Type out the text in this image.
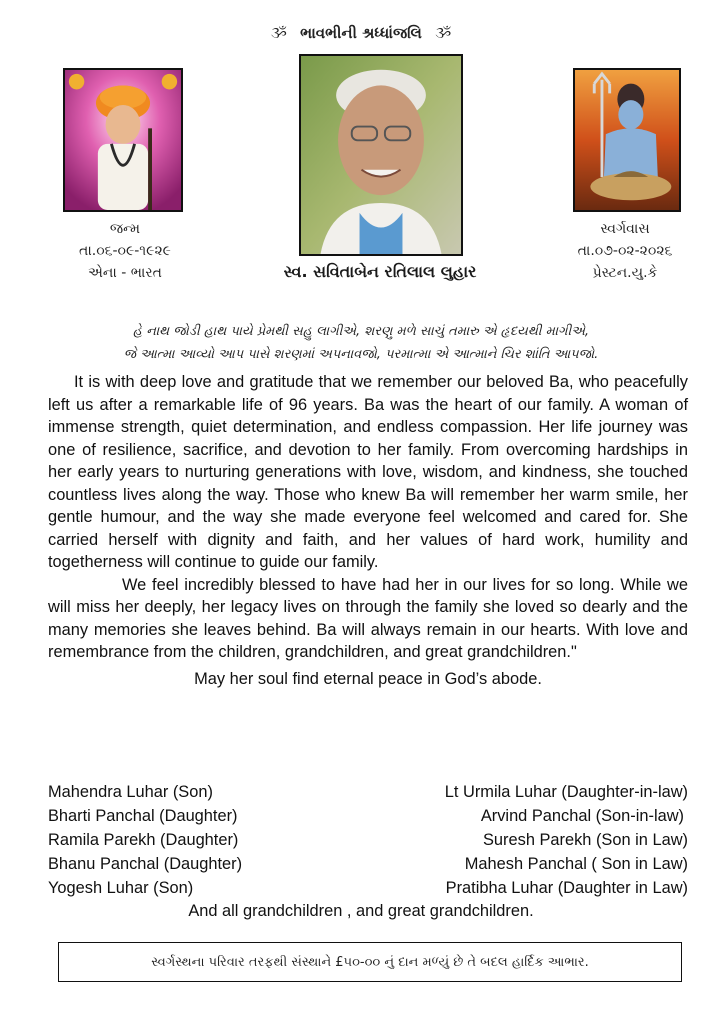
ૐ ભાવભીની શ્રધ્ધાંજલિ ૐ
જન્મ
તા.૦૬-૦૯-૧૯૨૯
એના - ભારત
સ્વર્ગવાસ
તા.૦૭-૦૨-૨૦૨૬
પ્રેસ્ટન.યુ.કે
સ્વ. સવિતાબેન રતિલાલ લુહાર
હે નાથ જોડી હાથ પાયે પ્રેમથી સહુ લાગીએ, શરણુ મળે સાચું તમારુ એ હૃદયથી માગીએ,
જે આત્મા આવ્યો આપ પાસે શરણમાં અપનાવજો, પરમાત્મા એ આત્માને ચિર શાંતિ આપજો.

It is with deep love and gratitude that we remember our beloved Ba, who peacefully left us after a remarkable life of 96 years. Ba was the heart of our family. A woman of immense strength, quiet determination, and endless compassion. Her life journey was one of resilience, sacrifice, and devotion to her family. From overcoming hardships in her early years to nurturing generations with love, wisdom, and kindness, she touched countless lives along the way. Those who knew Ba will remember her warm smile, her gentle humour, and the way she made everyone feel welcomed and cared for. She carried herself with dignity and faith, and her values of hard work, humility and togetherness will continue to guide our family.

We feel incredibly blessed to have had her in our lives for so long. While we will miss her deeply, her legacy lives on through the family she loved so dearly and the many memories she leaves behind. Ba will always remain in our hearts. With love and remembrance from the children, grandchildren, and great grandchildren."

May her soul find eternal peace in God’s abode.

Mahendra Luhar (Son)
Bharti Panchal (Daughter)
Ramila Parekh (Daughter)
Bhanu Panchal (Daughter)
Yogesh Luhar (Son)
Lt Urmila Luhar (Daughter-in-law)
Arvind Panchal (Son-in-law)
Suresh Parekh (Son in Law)
Mahesh Panchal ( Son in Law)
Pratibha Luhar (Daughter in Law)
And all grandchildren , and great grandchildren.
સ્વર્ગસ્થના પરિવાર તરફથી સંસ્થાને £૫૦-૦૦ નું દાન મળ્યું છે તે બદલ હાર્દિક આભાર.
